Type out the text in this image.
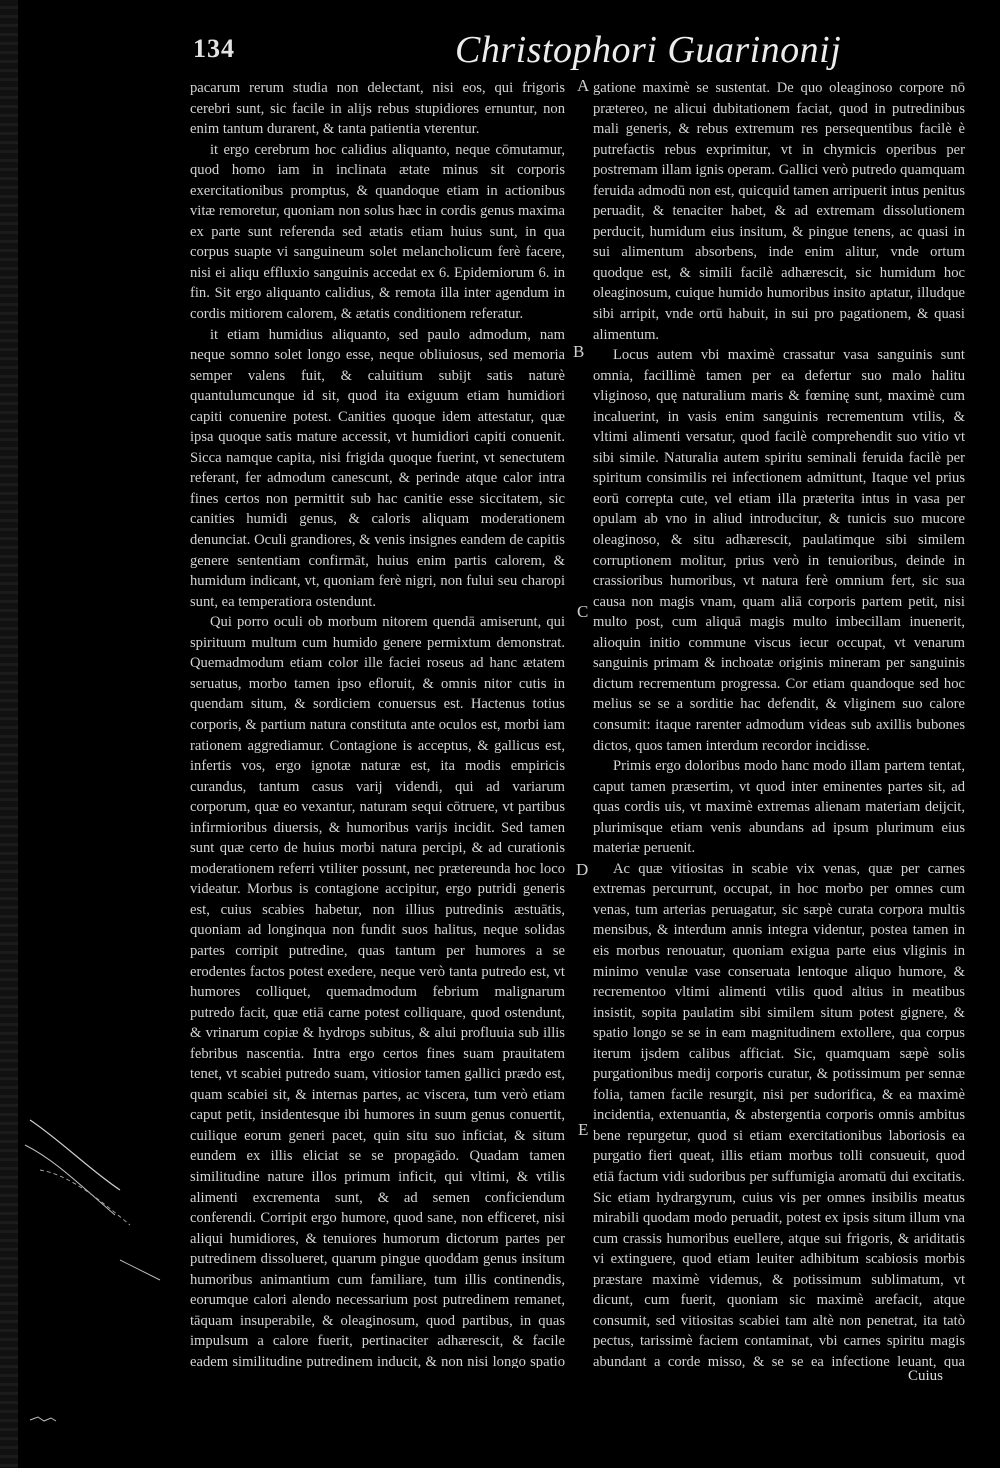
134	Christophori Guarinonij
A
B
C
D
E

pacarum rerum studia non delectant, nisi eos, qui frigoris cerebri sunt, sic facile in alijs rebus stupidiores ernuntur, non enim tantum durarent, & tanta patientia vterentur.

it ergo cerebrum hoc calidius aliquanto, neque cōmutamur, quod homo iam in inclinata ætate minus sit corporis exercitationibus promptus, & quandoque etiam in actionibus vitæ remoretur, quoniam non solus hæc in cordis genus maxima ex parte sunt referenda sed ætatis etiam huius sunt, in qua corpus suapte vi sanguineum solet melancholicum ferè facere, nisi ei aliqu effluxio sanguinis accedat ex 6. Epidemiorum 6. in fin. Sit ergo aliquanto calidius, & remota illa inter agendum in cordis mitiorem calorem, & ætatis conditionem referatur.

it etiam humidius aliquanto, sed paulo admodum, nam neque somno solet longo esse, neque obliuiosus, sed memoria semper valens fuit, & caluitium subijt satis naturè quantulumcunque id sit, quod ita exiguum etiam humidiori capiti conuenire potest. Canities quoque idem attestatur, quæ ipsa quoque satis mature accessit, vt humidiori capiti conuenit. Sicca namque capita, nisi frigida quoque fuerint, vt senectutem referant, fer admodum canescunt, & perinde atque calor intra fines certos non permittit sub hac canitie esse siccitatem, sic canities humidi genus, & caloris aliquam moderationem denunciat. Oculi grandiores, & venis insignes eandem de capitis genere sententiam confirmāt, huius enim partis calorem, & humidum indicant, vt, quoniam ferè nigri, non fului seu charopi sunt, ea temperatiora ostendunt.

Qui porro oculi ob morbum nitorem quendā amiserunt, qui spirituum multum cum humido genere permixtum demonstrat. Quemadmodum etiam color ille faciei roseus ad hanc ætatem seruatus, morbo tamen ipso efloruit, & omnis nitor cutis in quendam situm, & sordiciem conuersus est. Hactenus totius corporis, & partium natura constituta ante oculos est, morbi iam rationem aggrediamur. Contagione is acceptus, & gallicus est, infertis vos, ergo ignotæ naturæ est, ita modis empiricis curandus, tantum casus varij videndi, qui ad variarum corporum, quæ eo vexantur, naturam sequi cōtruere, vt partibus infirmioribus diuersis, & humoribus varijs incidit. Sed tamen sunt quæ certo de huius morbi natura percipi, & ad curationis moderationem referri vtiliter possunt, nec prætereunda hoc loco videatur. Morbus is contagione accipitur, ergo putridi generis est, cuius scabies habetur, non illius putredinis æstuātis, quoniam ad longinqua non fundit suos halitus, neque solidas partes corripit putredine, quas tantum per humores a se erodentes factos potest exedere, neque verò tanta putredo est, vt humores colliquet, quemadmodum febrium malignarum putredo facit, quæ etiā carne potest colliquare, quod ostendunt, & vrinarum copiæ & hydrops subitus, & alui profluuia sub illis febribus nascentia. Intra ergo certos fines suam prauitatem tenet, vt scabiei putredo suam, vitiosior tamen gallici prædo est, quam scabiei sit, & internas partes, ac viscera, tum verò etiam caput petit, insidentesque ibi humores in suum genus conuertit, cuilique eorum generi pacet, quin situ suo inficiat, & situm eundem ex illis eliciat se se propagādo. Quadam tamen similitudine nature illos primum inficit, qui vltimi, & vtilis alimenti excrementa sunt, & ad semen conficiendum conferendi. Corripit ergo humore, quod sane, non efficeret, nisi aliqui humidiores, & tenuiores humorum dictorum partes per putredinem dissolueret, quarum pingue quoddam genus insitum humoribus animantium cum familiare, tum illis continendis, eorumque calori alendo necessarium post putredinem remanet, tāquam insuperabile, & oleaginosum, quod partibus, in quas impulsum a calore fuerit, pertinaciter adhærescit, & facile eadem similitudine putredinem inducit, & non nisi longo spatio

gatione maximè se sustentat. De quo oleaginoso corpore nō prætereo, ne alicui dubitationem faciat, quod in putredinibus mali generis, & rebus extremum res persequentibus facilè è putrefactis rebus exprimitur, vt in chymicis operibus per postremam illam ignis operam. Gallici verò putredo quamquam feruida admodū non est, quicquid tamen arripuerit intus penitus peruadit, & tenaciter habet, & ad extremam dissolutionem perducit, humidum eius insitum, & pingue tenens, ac quasi in sui alimentum absorbens, inde enim alitur, vnde ortum quodque est, & simili facilè adhærescit, sic humidum hoc oleaginosum, cuique humido humoribus insito aptatur, illudque sibi arripit, vnde ortū habuit, in sui pro pagationem, & quasi alimentum.

Locus autem vbi maximè crassatur vasa sanguinis sunt omnia, facillimè tamen per ea defertur suo malo halitu vliginoso, quę naturalium maris & fœminę sunt, maximè cum incaluerint, in vasis enim sanguinis recrementum vtilis, & vltimi alimenti versatur, quod facilè comprehendit suo vitio vt sibi simile. Naturalia autem spiritu seminali feruida facilè per spiritum consimilis rei infectionem admittunt, Itaque vel prius eorū correpta cute, vel etiam illa præterita intus in vasa per opulam ab vno in aliud introducitur, & tunicis suo mucore oleaginoso, & situ adhærescit, paulatimque sibi similem corruptionem molitur, prius verò in tenuioribus, deinde in crassioribus humoribus, vt natura ferè omnium fert, sic sua causa non magis vnam, quam aliā corporis partem petit, nisi multo post, cum aliquā magis multo imbecillam inuenerit, alioquin initio commune viscus iecur occupat, vt venarum sanguinis primam & inchoatæ originis mineram per sanguinis dictum recrementum progressa. Cor etiam quandoque sed hoc melius se se a sorditie hac defendit, & vliginem suo calore consumit: itaque rarenter admodum videas sub axillis bubones dictos, quos tamen interdum recordor incidisse.

Primis ergo doloribus modo hanc modo illam partem tentat, caput tamen præsertim, vt quod inter eminentes partes sit, ad quas cordis uis, vt maximè extremas alienam materiam deijcit, plurimisque etiam venis abundans ad ipsum plurimum eius materiæ peruenit.

Ac quæ vitiositas in scabie vix venas, quæ per carnes extremas percurrunt, occupat, in hoc morbo per omnes cum venas, tum arterias peruagatur, sic sæpè curata corpora multis mensibus, & interdum annis integra videntur, postea tamen in eis morbus renouatur, quoniam exigua parte eius vliginis in minimo venulæ vase conseruata lentoque aliquo humore, & recrementoo vltimi alimenti vtilis quod altius in meatibus insistit, sopita paulatim sibi similem situm potest gignere, & spatio longo se se in eam magnitudinem extollere, qua corpus iterum ijsdem calibus afficiat. Sic, quamquam sæpè solis purgationibus medij corporis curatur, & potissimum per sennæ folia, tamen facile resurgit, nisi per sudorifica, & ea maximè incidentia, extenuantia, & abstergentia corporis omnis ambitus bene repurgetur, quod si etiam exercitationibus laboriosis ea purgatio fieri queat, illis etiam morbus tolli consueuit, quod etiā factum vidi sudoribus per suffumigia aromatū dui excitatis. Sic etiam hydrargyrum, cuius vis per omnes insibilis meatus mirabili quodam modo peruadit, potest ex ipsis situm illum vna cum crassis humoribus euellere, atque sui frigoris, & ariditatis vi extinguere, quod etiam leuiter adhibitum scabiosis morbis præstare maximè videmus, & potissimum sublimatum, vt dicunt, cum fuerit, quoniam sic maximè arefacit, atque consumit, sed vitiositas scabiei tam altè non penetrat, ita tatò pectus, tarissimè faciem contaminat, vbi carnes spiritu magis abundant a corde misso, & se se ea infectione leuant, qua

Cuius
